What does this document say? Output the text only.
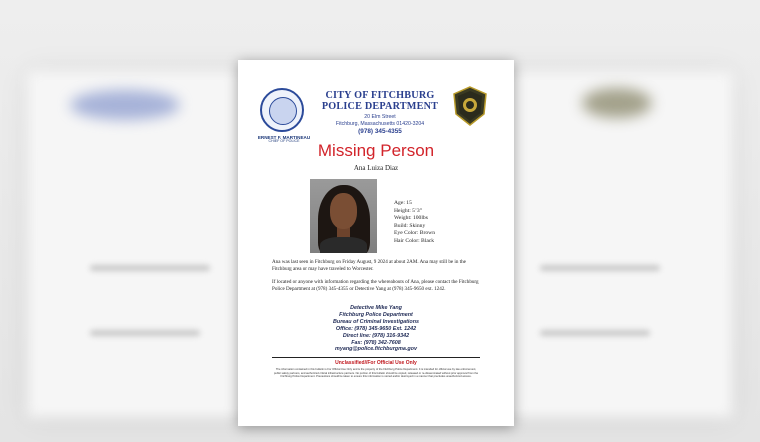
ERNEST F. MARTINEAU
CHIEF OF POLICE
CITY OF FITCHBURG
POLICE DEPARTMENT
20 Elm Street
Fitchburg, Massachusetts 01420-3204
(978) 345-4355
Missing Person
Ana Luiza Diaz
Age: 15
Height: 5’3”
Weight: 100lbs
Build: Skinny
Eye Color: Brown
Hair Color: Black
Ana was last seen in Fitchburg on Friday August, 9 2024 at about 2AM. Ana may still be in the Fitchburg area or may have traveled to Worcester.
If located or anyone with information regarding the whereabouts of Ana, please contact the Fitchburg Police Department at (978) 345-4355 or Detective Yang at (978) 345-9650 ext. 1242.
Detective Mike Yang
Fitchburg Police Department
Bureau of Criminal Investigations
Office: (978) 345-9650 Ext. 1242
Direct line: (978) 316-9342
Fax: (978) 342-7608
myang@police.fitchburgma.gov
Unclassified//For Official Use Only
The information contained in this bulletin is For Official Use Only and is the property of the Fitchburg Police Department. It is intended for official use by law enforcement, public safety partners, and authorized critical infrastructure partners. No portion of this bulletin should be copied, released or re-disseminated without prior approval from the Fitchburg Police Department. Precautions should be taken to ensure this information is stored and/or destroyed in a manner that precludes unauthorized access.
